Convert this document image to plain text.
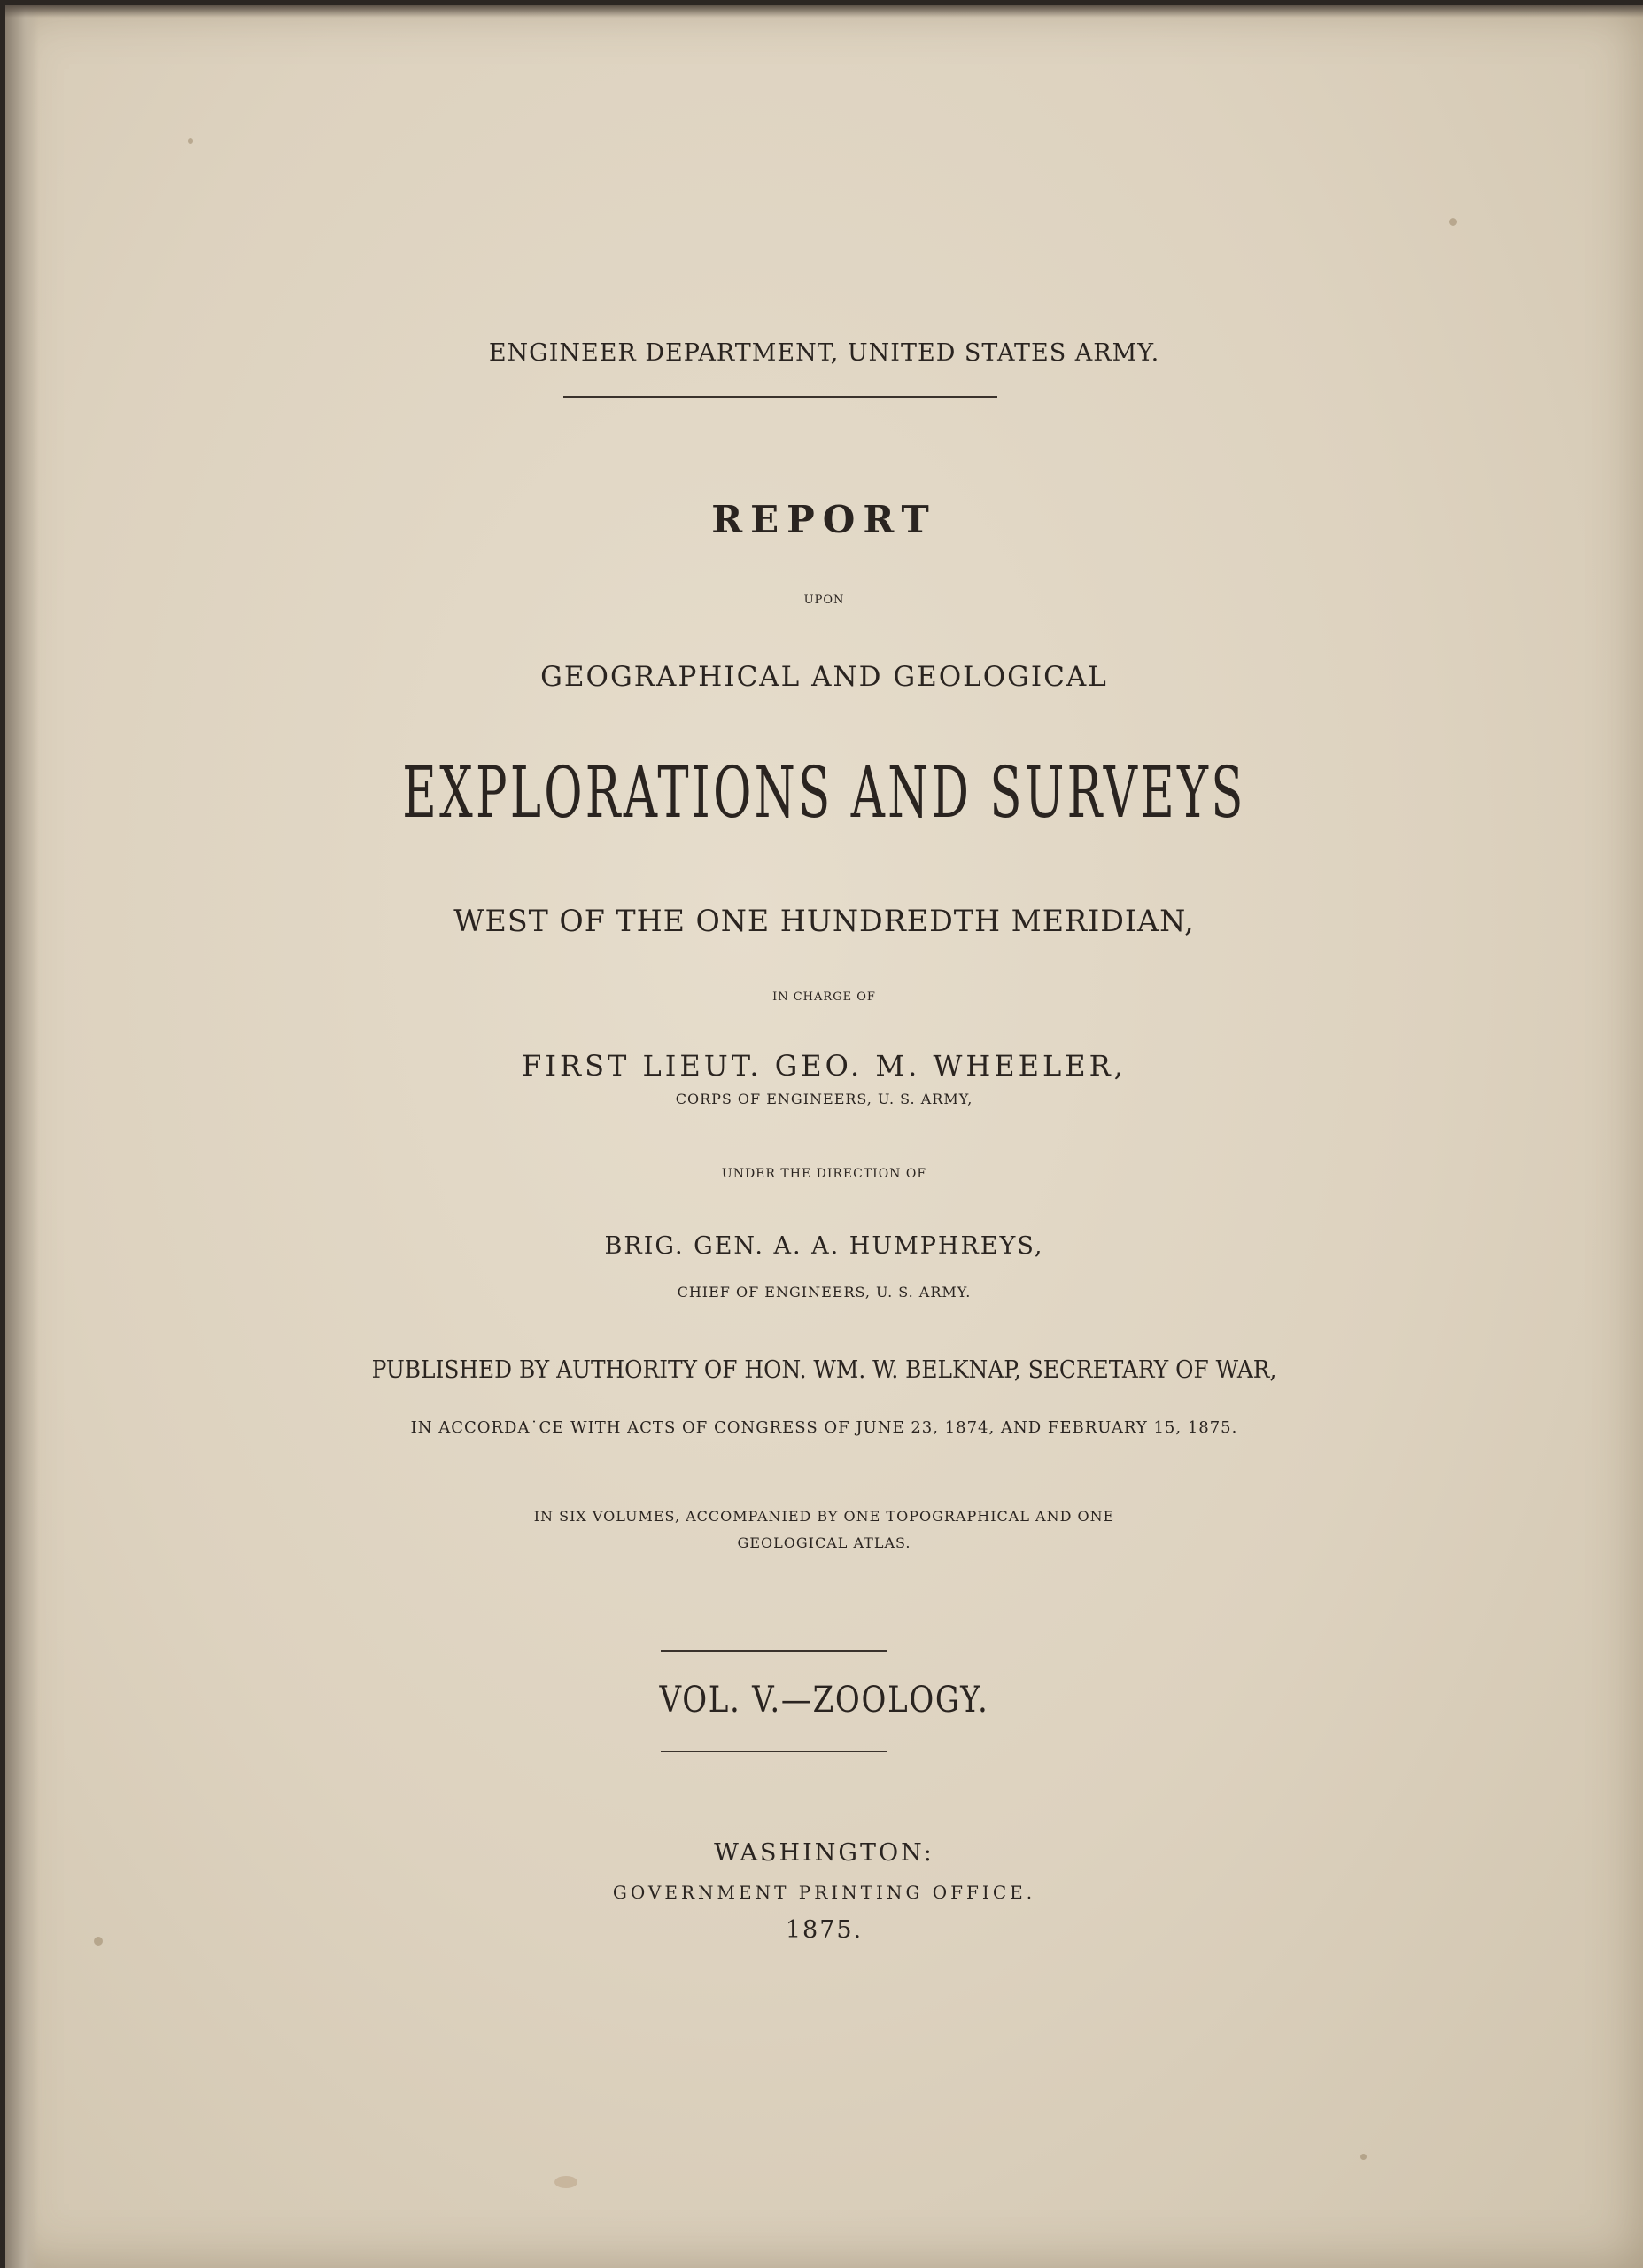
ENGINEER DEPARTMENT, UNITED STATES ARMY.
REPORT
UPON
GEOGRAPHICAL AND GEOLOGICAL
EXPLORATIONS AND SURVEYS
WEST OF THE ONE HUNDREDTH MERIDIAN,
IN CHARGE OF
FIRST LIEUT. GEO. M. WHEELER,
CORPS OF ENGINEERS, U. S. ARMY,
UNDER THE DIRECTION OF
BRIG. GEN. A. A. HUMPHREYS,
CHIEF OF ENGINEERS, U. S. ARMY.
PUBLISHED BY AUTHORITY OF HON. WM. W. BELKNAP, SECRETARY OF WAR,
IN ACCORDA˙CE WITH ACTS OF CONGRESS OF JUNE 23, 1874, AND FEBRUARY 15, 1875.
IN SIX VOLUMES, ACCOMPANIED BY ONE TOPOGRAPHICAL AND ONE
GEOLOGICAL ATLAS.
VOL. V.—ZOOLOGY.
WASHINGTON:
GOVERNMENT PRINTING OFFICE.
1875.
